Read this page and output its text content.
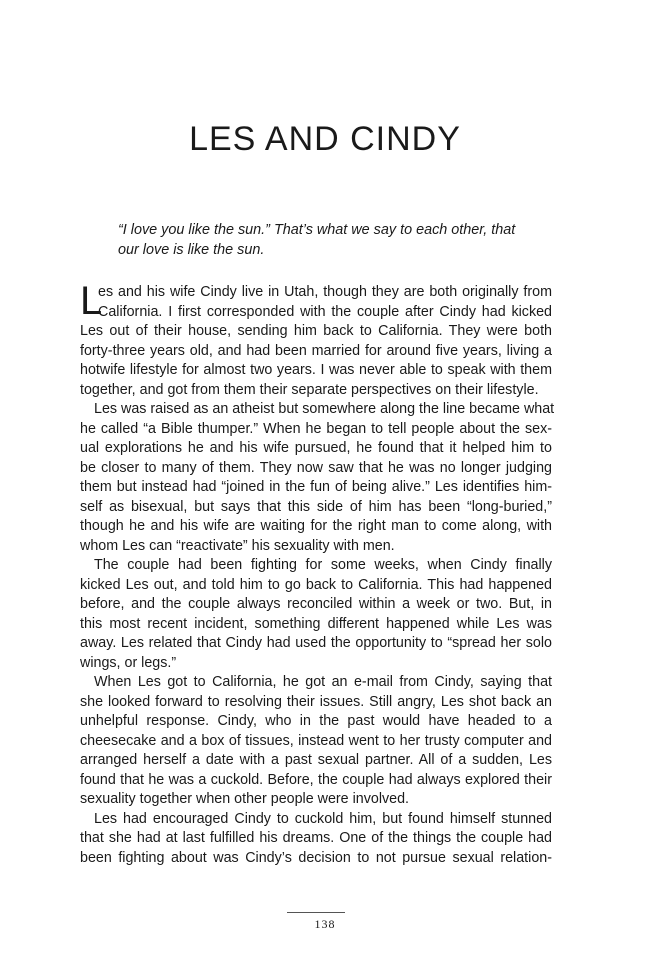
LES AND CINDY
“I love you like the sun.” That’s what we say to each other, that
our love is like the sun.
L
es and his wife Cindy live in Utah, though they are both originally from
California. I first corresponded with the couple after Cindy had kicked
Les out of their house, sending him back to California. They were both
forty-three years old, and had been married for around five years, living a
hotwife lifestyle for almost two years. I was never able to speak with them
together, and got from them their separate perspectives on their lifestyle.
Les was raised as an atheist but somewhere along the line became what
he called “a Bible thumper.” When he began to tell people about the sex-
ual explorations he and his wife pursued, he found that it helped him to
be closer to many of them. They now saw that he was no longer judging
them but instead had “joined in the fun of being alive.” Les identifies him-
self as bisexual, but says that this side of him has been “long-buried,”
though he and his wife are waiting for the right man to come along, with
whom Les can “reactivate” his sexuality with men.
The couple had been fighting for some weeks, when Cindy finally
kicked Les out, and told him to go back to California. This had happened
before, and the couple always reconciled within a week or two. But, in
this most recent incident, something different happened while Les was
away. Les related that Cindy had used the opportunity to “spread her solo
wings, or legs.”
When Les got to California, he got an e-mail from Cindy, saying that
she looked forward to resolving their issues. Still angry, Les shot back an
unhelpful response. Cindy, who in the past would have headed to a
cheesecake and a box of tissues, instead went to her trusty computer and
arranged herself a date with a past sexual partner. All of a sudden, Les
found that he was a cuckold. Before, the couple had always explored their
sexuality together when other people were involved.
Les had encouraged Cindy to cuckold him, but found himself stunned
that she had at last fulfilled his dreams. One of the things the couple had
been fighting about was Cindy’s decision to not pursue sexual relation-
138
